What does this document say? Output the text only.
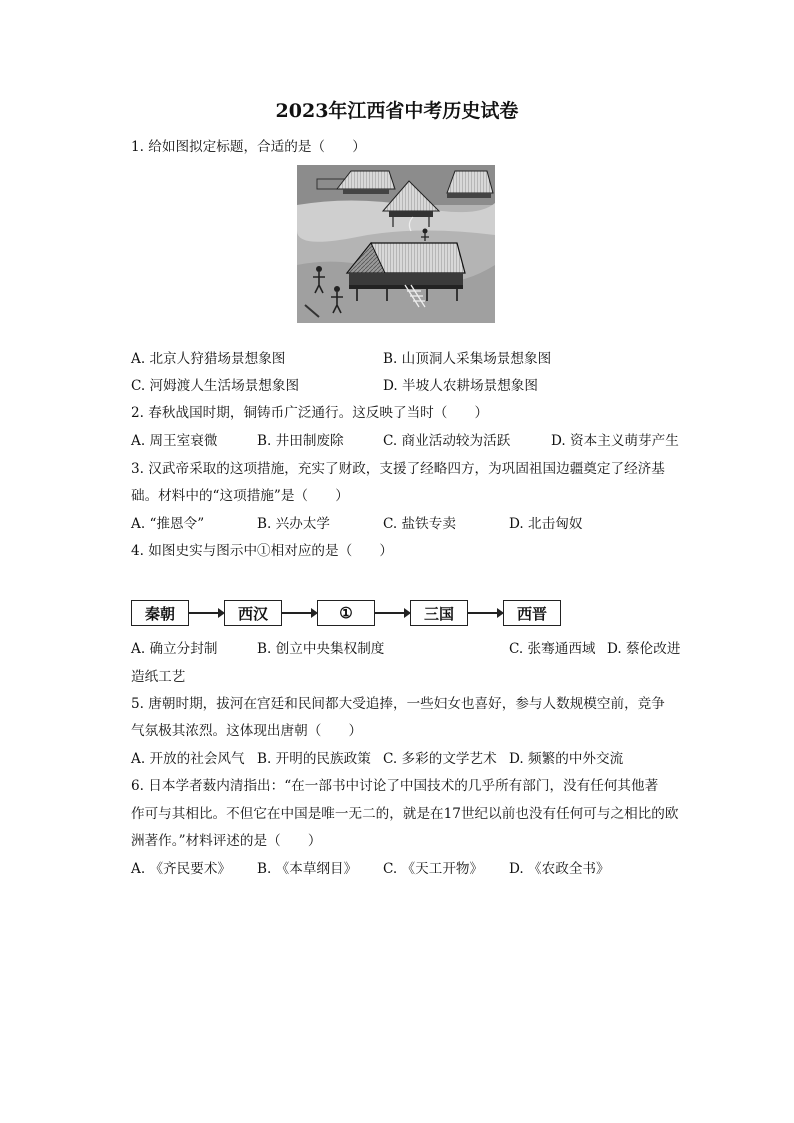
2023年江西省中考历史试卷
1. 给如图拟定标题，合适的是（　　）
A. 北京人狩猎场景想象图	B. 山顶洞人采集场景想象图
C. 河姆渡人生活场景想象图	D. 半坡人农耕场景想象图
2. 春秋战国时期，铜铸币广泛通行。这反映了当时（　　）
A. 周王室衰微	B. 井田制废除	C. 商业活动较为活跃	D. 资本主义萌芽产生
3. 汉武帝采取的这项措施，充实了财政，支援了经略四方，为巩固祖国边疆奠定了经济基
础。材料中的“这项措施”是（　　）
A. “推恩令”	B. 兴办太学	C. 盐铁专卖	D. 北击匈奴
4. 如图史实与图示中①相对应的是（　　）
秦朝	西汉	①	三国	西晋
A. 确立分封制	B. 创立中央集权制度	C. 张骞通西域 D. 蔡伦改进
造纸工艺
5. 唐朝时期，拔河在宫廷和民间都大受追捧，一些妇女也喜好，参与人数规模空前，竞争
气氛极其浓烈。这体现出唐朝（　　）
A. 开放的社会风气 B. 开明的民族政策 C. 多彩的文学艺术 D. 频繁的中外交流
6. 日本学者薮内清指出：“在一部书中讨论了中国技术的几乎所有部门，没有任何其他著
作可与其相比。不但它在中国是唯一无二的，就是在17世纪以前也没有任何可与之相比的欧
洲著作。”材料评述的是（　　）
A. 《齐民要术》 B. 《本草纲目》 C. 《天工开物》 D. 《农政全书》
